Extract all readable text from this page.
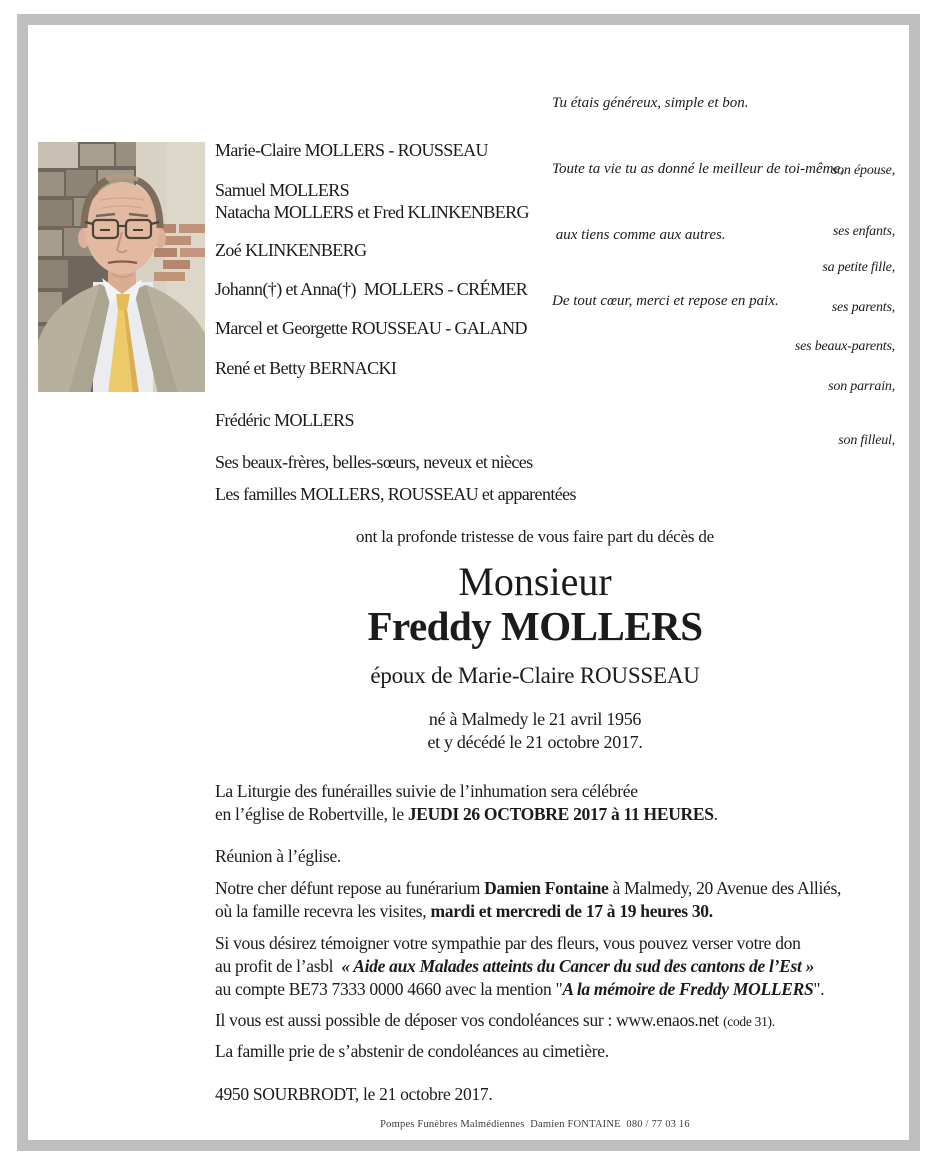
Tu étais généreux, simple et bon.

Toute ta vie tu as donné le meilleur de toi-même,

aux tiens comme aux autres.

De tout cœur, merci et repose en paix.

Marie-Claire MOLLERS - ROUSSEAU
son épouse,
Samuel MOLLERS
Natacha MOLLERS et Fred KLINKENBERG
ses enfants,
Zoé KLINKENBERG
sa petite fille,
Johann(†) et Anna(†)  MOLLERS - CRÉMER
ses parents,
Marcel et Georgette ROUSSEAU - GALAND
ses beaux-parents,
René et Betty BERNACKI
son parrain,
Frédéric MOLLERS
son filleul,
Ses beaux-frères, belles-sœurs, neveux et nièces
Les familles MOLLERS, ROUSSEAU et apparentées
ont la profonde tristesse de vous faire part du décès de
Monsieur
Freddy MOLLERS
époux de Marie-Claire ROUSSEAU
né à Malmedy le 21 avril 1956
et y décédé le 21 octobre 2017.
La Liturgie des funérailles suivie de l’inhumation sera célébrée
en l’église de Robertville, le JEUDI 26 OCTOBRE 2017 à 11 HEURES.
Réunion à l’église.
Notre cher défunt repose au funérarium Damien Fontaine à Malmedy, 20 Avenue des Alliés,
où la famille recevra les visites, mardi et mercredi de 17 à 19 heures 30.
Si vous désirez témoigner votre sympathie par des fleurs, vous pouvez verser votre don
au profit de l’asbl  « Aide aux Malades atteints du Cancer du sud des cantons de l’Est »
au compte BE73 7333 0000 4660 avec la mention "A la mémoire de Freddy MOLLERS".
Il vous est aussi possible de déposer vos condoléances sur : www.enaos.net (code 31).
La famille prie de s’abstenir de condoléances au cimetière.
4950 SOURBRODT, le 21 octobre 2017.
Pompes Funèbres Malmédiennes  Damien FONTAINE  080 / 77 03 16
